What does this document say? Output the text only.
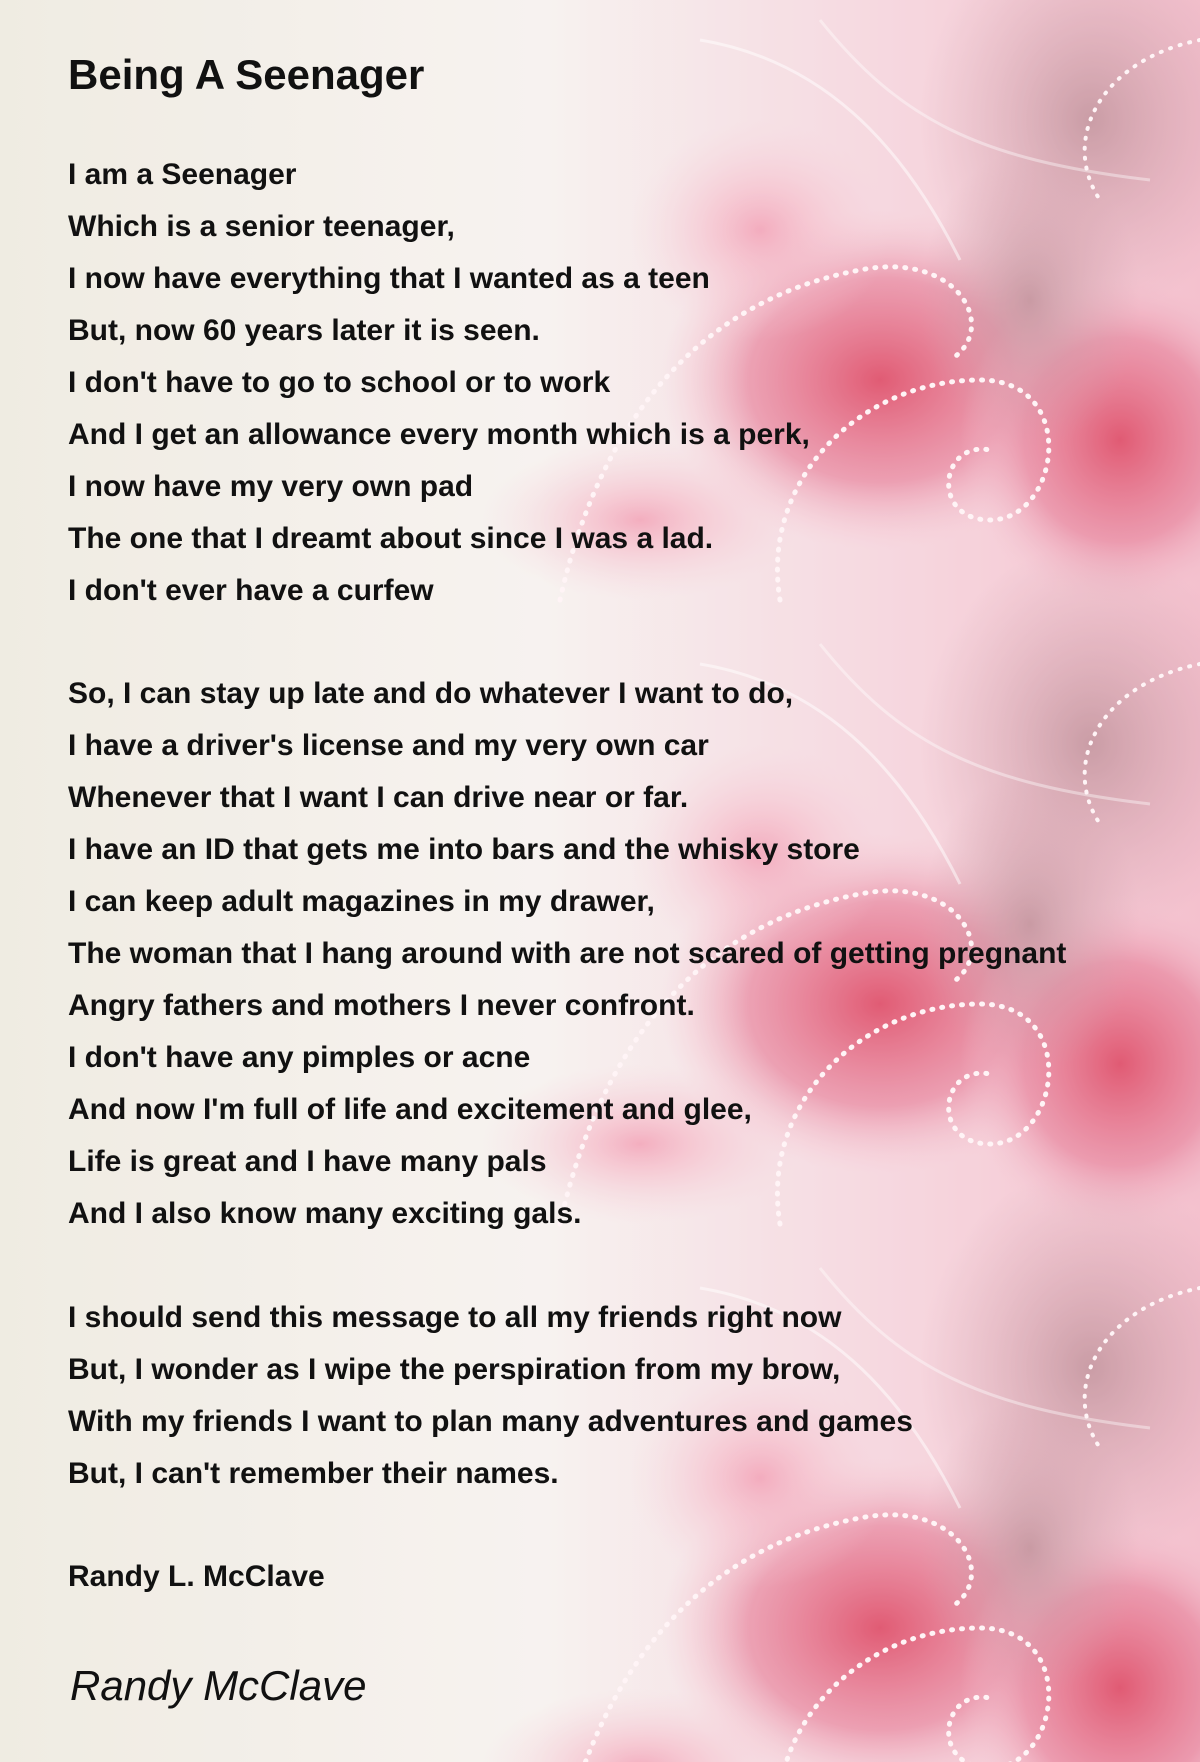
Being A Seenager
I am a Seenager
Which is a senior teenager,
I now have everything that I wanted as a teen
But, now 60 years later it is seen.
I don't have to go to school or to work
And I get an allowance every month which is a perk,
I now have my very own pad
The one that I dreamt about since I was a lad.
I don't ever have a curfew
So, I can stay up late and do whatever I want to do,
I have a driver's license and my very own car
Whenever that I want I can drive near or far.
I have an ID that gets me into bars and the whisky store
I can keep adult magazines in my drawer,
The woman that I hang around with are not scared of getting pregnant
Angry fathers and mothers I never confront.
I don't have any pimples or acne
And now I'm full of life and excitement and glee,
Life is great and I have many pals
And I also know many exciting gals.
I should send this message to all my friends right now
But, I wonder as I wipe the perspiration from my brow,
With my friends I want to plan many adventures and games
But, I can't remember their names.

Randy L. McClave

Randy McClave
